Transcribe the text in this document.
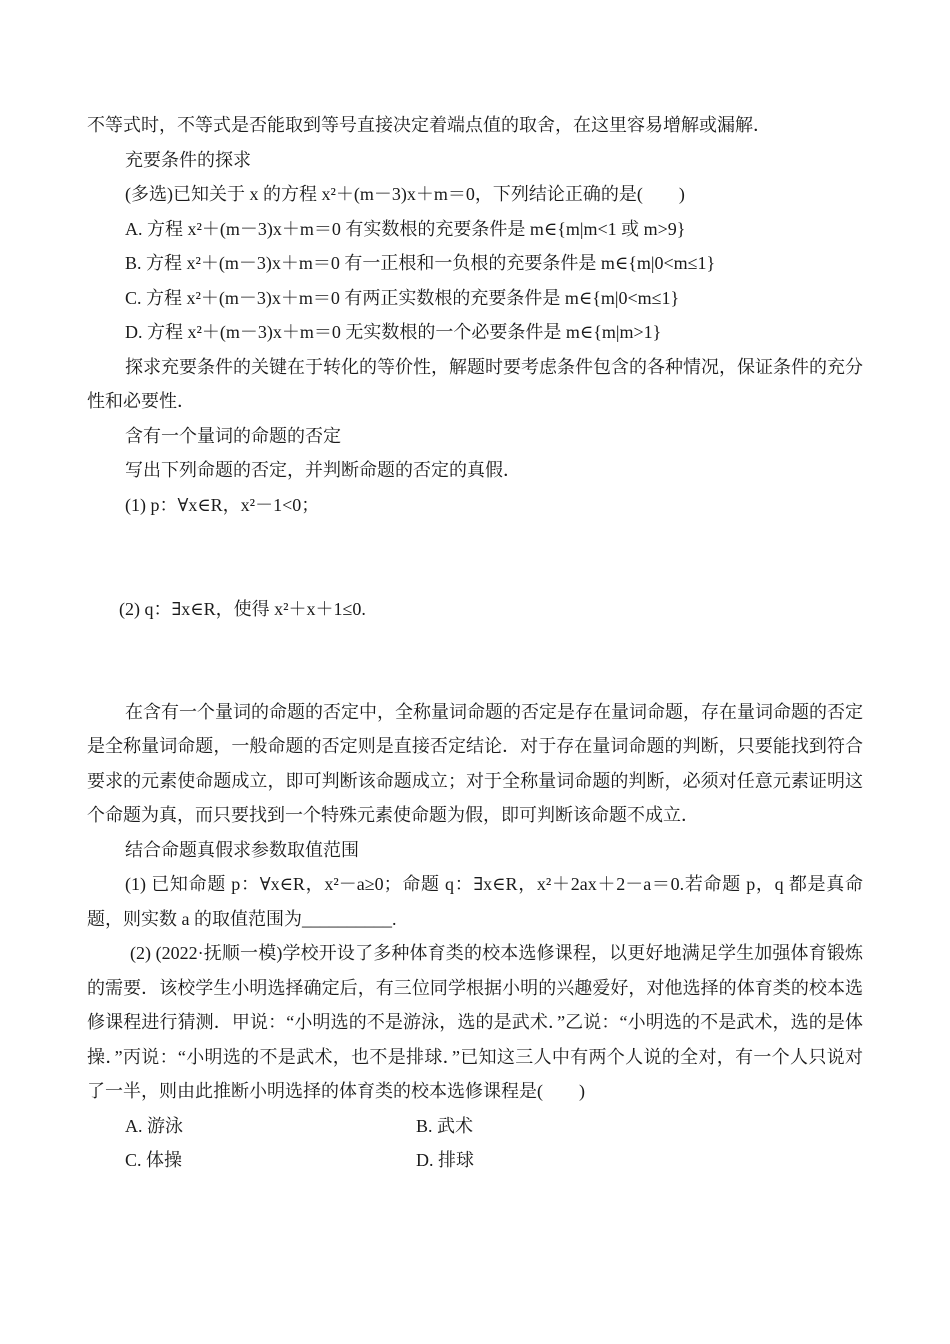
不等式时，不等式是否能取到等号直接决定着端点值的取舍，在这里容易增解或漏解．
充要条件的探求
(多选)已知关于 x 的方程 x²＋(m－3)x＋m＝0，下列结论正确的是(　　)
A. 方程 x²＋(m－3)x＋m＝0 有实数根的充要条件是 m∈{m|m<1 或 m>9}
B. 方程 x²＋(m－3)x＋m＝0 有一正根和一负根的充要条件是 m∈{m|0<m≤1}
C. 方程 x²＋(m－3)x＋m＝0 有两正实数根的充要条件是 m∈{m|0<m≤1}
D. 方程 x²＋(m－3)x＋m＝0 无实数根的一个必要条件是 m∈{m|m>1}
探求充要条件的关键在于转化的等价性，解题时要考虑条件包含的各种情况，保证条件的充分性和必要性．
含有一个量词的命题的否定
写出下列命题的否定，并判断命题的否定的真假．
(1) p：∀x∈R，x²－1<0；
(2) q：∃x∈R，使得 x²＋x＋1≤0.
在含有一个量词的命题的否定中，全称量词命题的否定是存在量词命题，存在量词命题的否定是全称量词命题，一般命题的否定则是直接否定结论．对于存在量词命题的判断，只要能找到符合要求的元素使命题成立，即可判断该命题成立；对于全称量词命题的判断，必须对任意元素证明这个命题为真，而只要找到一个特殊元素使命题为假，即可判断该命题不成立．
结合命题真假求参数取值范围
(1) 已知命题 p：∀x∈R，x²－a≥0；命题 q：∃x∈R，x²＋2ax＋2－a＝0.若命题 p，q 都是真命题，则实数 a 的取值范围为__________.
(2) (2022·抚顺一模)学校开设了多种体育类的校本选修课程，以更好地满足学生加强体育锻炼的需要．该校学生小明选择确定后，有三位同学根据小明的兴趣爱好，对他选择的体育类的校本选修课程进行猜测．甲说：“小明选的不是游泳，选的是武术．”乙说：“小明选的不是武术，选的是体操．”丙说：“小明选的不是武术，也不是排球．”已知这三人中有两个人说的全对，有一个人只说对了一半，则由此推断小明选择的体育类的校本选修课程是(　　)
A. 游泳	B. 武术
C. 体操	D. 排球
